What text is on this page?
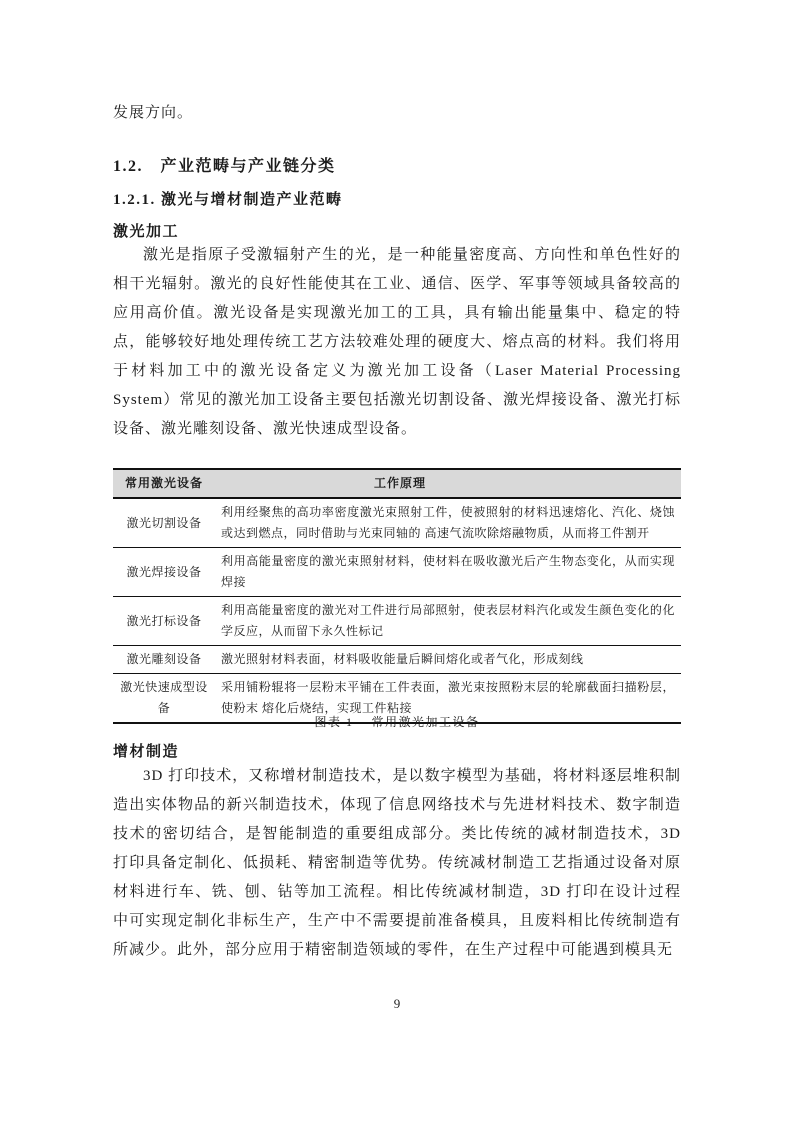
发展方向。
1.2.　产业范畴与产业链分类
1.2.1. 激光与增材制造产业范畴
激光加工
激光是指原子受激辐射产生的光，是一种能量密度高、方向性和单色性好的相干光辐射。激光的良好性能使其在工业、通信、医学、军事等领域具备较高的应用高价值。激光设备是实现激光加工的工具，具有输出能量集中、稳定的特点，能够较好地处理传统工艺方法较难处理的硬度大、熔点高的材料。我们将用于材料加工中的激光设备定义为激光加工设备（Laser Material Processing System）常见的激光加工设备主要包括激光切割设备、激光焊接设备、激光打标设备、激光雕刻设备、激光快速成型设备。
常用激光设备	工作原理
激光切割设备	利用经聚焦的高功率密度激光束照射工件，使被照射的材料迅速熔化、汽化、烧蚀或达到燃点，同时借助与光束同轴的 高速气流吹除熔融物质，从而将工件割开
激光焊接设备	利用高能量密度的激光束照射材料，使材料在吸收激光后产生物态变化，从而实现焊接
激光打标设备	利用高能量密度的激光对工件进行局部照射，使表层材料汽化或发生颜色变化的化学反应，从而留下永久性标记
激光雕刻设备	激光照射材料表面，材料吸收能量后瞬间熔化或者气化，形成刻线
激光快速成型设备	采用铺粉辊将一层粉末平铺在工件表面，激光束按照粉末层的轮廓截面扫描粉层，使粉末 熔化后烧结，实现工件粘接
图表 1 常用激光加工设备
增材制造
3D 打印技术，又称增材制造技术，是以数字模型为基础，将材料逐层堆积制造出实体物品的新兴制造技术，体现了信息网络技术与先进材料技术、数字制造技术的密切结合，是智能制造的重要组成部分。类比传统的减材制造技术，3D 打印具备定制化、低损耗、精密制造等优势。传统减材制造工艺指通过设备对原材料进行车、铣、刨、钻等加工流程。相比传统减材制造，3D 打印在设计过程中可实现定制化非标生产，生产中不需要提前准备模具，且废料相比传统制造有所减少。此外，部分应用于精密制造领域的零件，在生产过程中可能遇到模具无
9
